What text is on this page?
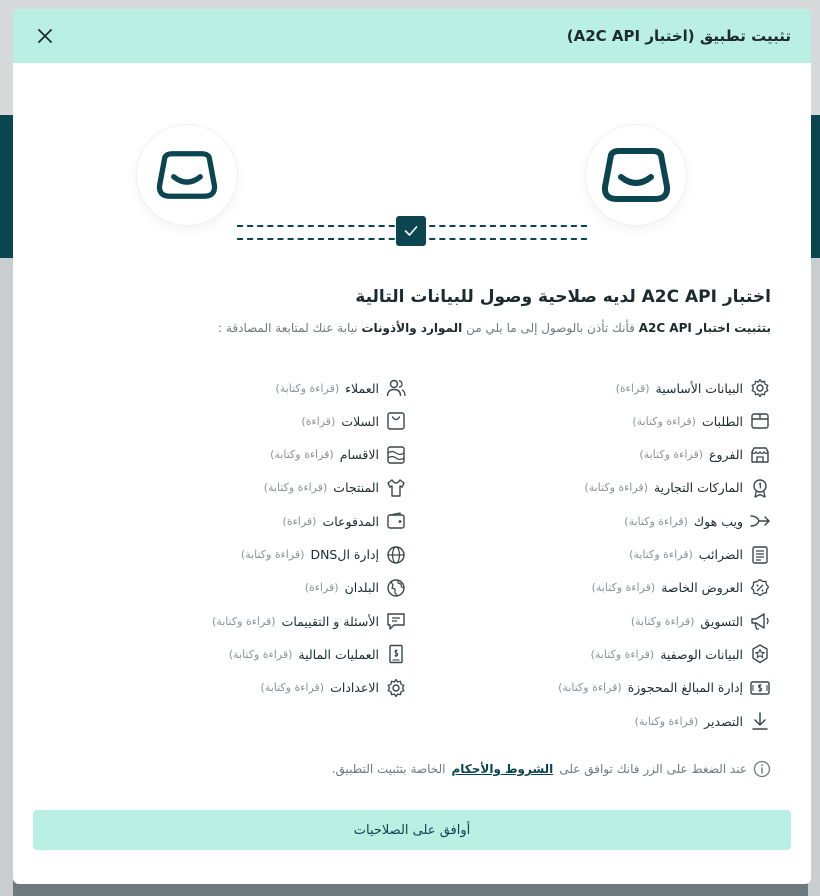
تثبيت تطبيق (اختبار A2C API)
اختبار A2C API لديه صلاحية وصول للبيانات التالية
بتثبيت اختبار A2C API فأنك تأذن بالوصول إلى ما يلي من الموارد والأذونات نيابة عنك لمتابعة المصادقة :
البيانات الأساسية
(قراءة)
الطلبات
(قراءة وكتابة)
الفروع
(قراءة وكتابة)
الماركات التجارية
(قراءة وكتابة)
ويب هوك
(قراءة وكتابة)
الضرائب
(قراءة وكتابة)
العروض الخاصة
(قراءة وكتابة)
التسويق
(قراءة وكتابة)
البيانات الوصفية
(قراءة وكتابة)
إدارة المبالغ المحجوزة
(قراءة وكتابة)
التصدير
(قراءة وكتابة)
العملاء
(قراءة وكتابة)
السلات
(قراءة)
الاقسام
(قراءة وكتابة)
المنتجات
(قراءة وكتابة)
المدفوعات
(قراءة)
إدارة الDNS
(قراءة وكتابة)
البلدان
(قراءة)
الأسئلة و التقييمات
(قراءة وكتابة)
العمليات المالية
(قراءة وكتابة)
الاعدادات
(قراءة وكتابة)
عند الضغط على الزر فانك توافق على
الشروط والأحكام
الخاصة بتثبيت التطبيق.
أوافق على الصلاحيات
